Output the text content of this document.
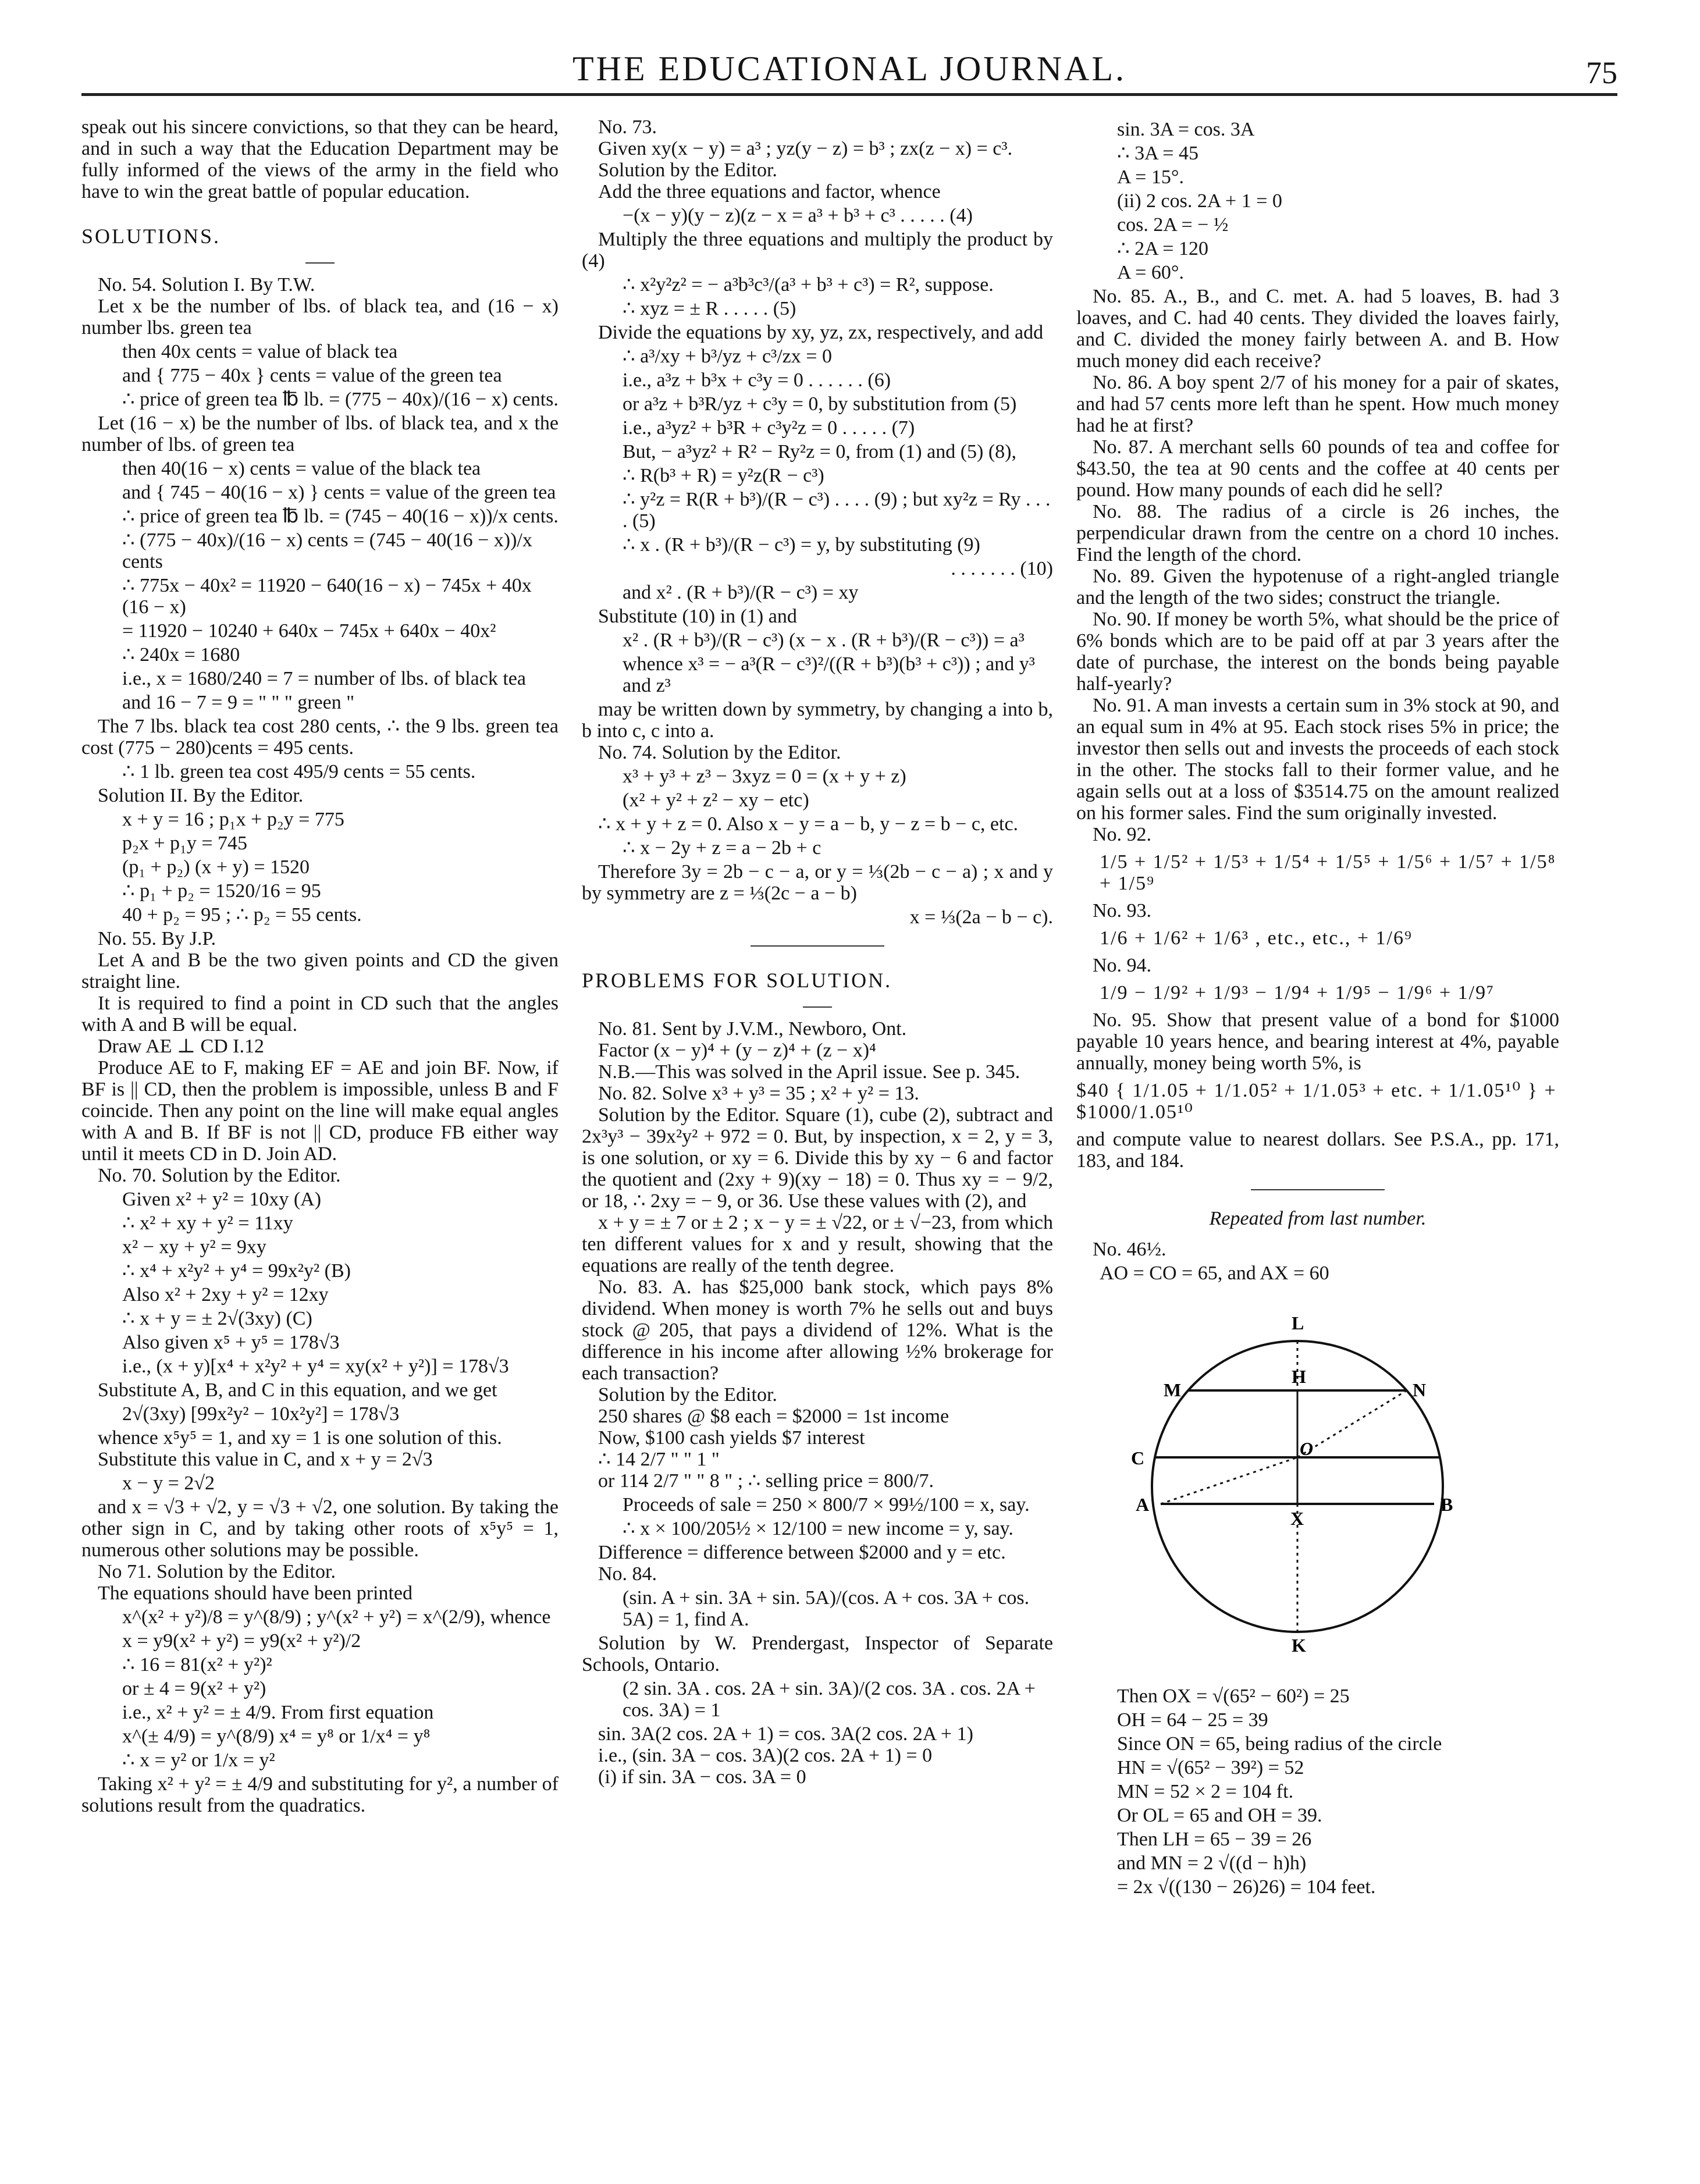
THE EDUCATIONAL JOURNAL.	75

speak out his sincere convictions, so that they can be heard, and in such a way that the Education Department may be fully informed of the views of the army in the field who have to win the great battle of popular education.

SOLUTIONS.

No. 54. Solution I. By T.W.

Let x be the number of lbs. of black tea, and (16 − x) number lbs. green tea

then 40x cents = value of black tea

and { 775 − 40x } cents = value of the green tea

∴ price of green tea ℔ lb. = (775 − 40x)/(16 − x) cents.

Let (16 − x) be the number of lbs. of black tea, and x the number of lbs. of green tea

then 40(16 − x) cents = value of the black tea

and { 745 − 40(16 − x) } cents = value of the green tea

∴ price of green tea ℔ lb. = (745 − 40(16 − x))/x cents.

∴ (775 − 40x)/(16 − x) cents = (745 − 40(16 − x))/x cents

∴ 775x − 40x² = 11920 − 640(16 − x) − 745x + 40x (16 − x)

= 11920 − 10240 + 640x − 745x + 640x − 40x²

∴ 240x = 1680

i.e., x = 1680/240 = 7 = number of lbs. of black tea

and 16 − 7 = 9 = " " " green "

The 7 lbs. black tea cost 280 cents, ∴ the 9 lbs. green tea cost (775 − 280)cents = 495 cents.

∴ 1 lb. green tea cost 495/9 cents = 55 cents.

Solution II. By the Editor.

x + y = 16 ; p₁x + p₂y = 775

p₂x + p₁y = 745

(p₁ + p₂) (x + y) = 1520

∴ p₁ + p₂ = 1520/16 = 95

40 + p₂ = 95 ; ∴ p₂ = 55 cents.

No. 55. By J.P.

Let A and B be the two given points and CD the given straight line.

It is required to find a point in CD such that the angles with A and B will be equal.

Draw AE ⊥ CD I.12

Produce AE to F, making EF = AE and join BF. Now, if BF is || CD, then the problem is impossible, unless B and F coincide. Then any point on the line will make equal angles with A and B. If BF is not || CD, produce FB either way until it meets CD in D. Join AD.

No. 70. Solution by the Editor.

Given x² + y² = 10xy (A)

∴ x² + xy + y² = 11xy

x² − xy + y² = 9xy

∴ x⁴ + x²y² + y⁴ = 99x²y² (B)

Also x² + 2xy + y² = 12xy

∴ x + y = ± 2√(3xy) (C)

Also given x⁵ + y⁵ = 178√3

i.e., (x + y)[x⁴ + x²y² + y⁴ = xy(x² + y²)] = 178√3

Substitute A, B, and C in this equation, and we get

2√(3xy) [99x²y² − 10x²y²] = 178√3

whence x⁵y⁵ = 1, and xy = 1 is one solution of this.

Substitute this value in C, and x + y = 2√3

x − y = 2√2

and x = √3 + √2, y = √3 + √2, one solution. By taking the other sign in C, and by taking other roots of x⁵y⁵ = 1, numerous other solutions may be possible.

No 71. Solution by the Editor.

The equations should have been printed

x^(x² + y²)/8 = y^(8/9) ; y^(x² + y²) = x^(2/9), whence

x = y9(x² + y²) = y9(x² + y²)/2

∴ 16 = 81(x² + y²)²

or ± 4 = 9(x² + y²)

i.e., x² + y² = ± 4/9. From first equation

x^(± 4/9) = y^(8/9) x⁴ = y⁸ or 1/x⁴ = y⁸

∴ x = y² or 1/x = y²

Taking x² + y² = ± 4/9 and substituting for y², a number of solutions result from the quadratics.

No. 73.

Given xy(x − y) = a³ ; yz(y − z) = b³ ; zx(z − x) = c³.

Solution by the Editor.

Add the three equations and factor, whence

−(x − y)(y − z)(z − x = a³ + b³ + c³ . . . . . (4)

Multiply the three equations and multiply the product by (4)

∴ x²y²z² = − a³b³c³/(a³ + b³ + c³) = R², suppose.

∴ xyz = ± R . . . . . (5)

Divide the equations by xy, yz, zx, respectively, and add

∴ a³/xy + b³/yz + c³/zx = 0

i.e., a³z + b³x + c³y = 0 . . . . . . (6)

or a³z + b³R/yz + c³y = 0, by substitution from (5)

i.e., a³yz² + b³R + c³y²z = 0 . . . . . (7)

But, − a³yz² + R² − Ry²z = 0, from (1) and (5) (8),

∴ R(b³ + R) = y²z(R − c³)

∴ y²z = R(R + b³)/(R − c³) . . . . (9) ; but xy²z = Ry . . . . (5)

∴ x . (R + b³)/(R − c³) = y, by substituting (9)

. . . . . . . (10)

and x² . (R + b³)/(R − c³) = xy

Substitute (10) in (1) and

x² . (R + b³)/(R − c³) (x − x . (R + b³)/(R − c³)) = a³

whence x³ = − a³(R − c³)²/((R + b³)(b³ + c³)) ; and y³ and z³

may be written down by symmetry, by changing a into b, b into c, c into a.

No. 74. Solution by the Editor.

x³ + y³ + z³ − 3xyz = 0 = (x + y + z)

(x² + y² + z² − xy − etc)

∴ x + y + z = 0. Also x − y = a − b, y − z = b − c, etc.

∴ x − 2y + z = a − 2b + c

Therefore 3y = 2b − c − a, or y = ⅓(2b − c − a) ; x and y by symmetry are z = ⅓(2c − a − b)

x = ⅓(2a − b − c).

PROBLEMS FOR SOLUTION.

No. 81. Sent by J.V.M., Newboro, Ont.

Factor (x − y)⁴ + (y − z)⁴ + (z − x)⁴

N.B.—This was solved in the April issue. See p. 345.

No. 82. Solve x³ + y³ = 35 ; x² + y² = 13.

Solution by the Editor. Square (1), cube (2), subtract and 2x³y³ − 39x²y² + 972 = 0. But, by inspection, x = 2, y = 3, is one solution, or xy = 6. Divide this by xy − 6 and factor the quotient and (2xy + 9)(xy − 18) = 0. Thus xy = − 9/2, or 18, ∴ 2xy = − 9, or 36. Use these values with (2), and

x + y = ± 7 or ± 2 ; x − y = ± √22, or ± √−23, from which ten different values for x and y result, showing that the equations are really of the tenth degree.

No. 83. A. has $25,000 bank stock, which pays 8% dividend. When money is worth 7% he sells out and buys stock @ 205, that pays a dividend of 12%. What is the difference in his income after allowing ½% brokerage for each transaction?

Solution by the Editor.

250 shares @ $8 each = $2000 = 1st income

Now, $100 cash yields $7 interest

∴ 14 2/7 " " 1 "

or 114 2/7 " " 8 " ; ∴ selling price = 800/7.

Proceeds of sale = 250 × 800/7 × 99½/100 = x, say.

∴ x × 100/205½ × 12/100 = new income = y, say.

Difference = difference between $2000 and y = etc.

No. 84.

(sin. A + sin. 3A + sin. 5A)/(cos. A + cos. 3A + cos. 5A) = 1, find A.

Solution by W. Prendergast, Inspector of Separate Schools, Ontario.

(2 sin. 3A . cos. 2A + sin. 3A)/(2 cos. 3A . cos. 2A + cos. 3A) = 1

sin. 3A(2 cos. 2A + 1) = cos. 3A(2 cos. 2A + 1)

i.e., (sin. 3A − cos. 3A)(2 cos. 2A + 1) = 0

(i) if sin. 3A − cos. 3A = 0

sin. 3A = cos. 3A

∴ 3A = 45

A = 15°.

(ii) 2 cos. 2A + 1 = 0

cos. 2A = − ½

∴ 2A = 120

A = 60°.

No. 85. A., B., and C. met. A. had 5 loaves, B. had 3 loaves, and C. had 40 cents. They divided the loaves fairly, and C. divided the money fairly between A. and B. How much money did each receive?

No. 86. A boy spent 2/7 of his money for a pair of skates, and had 57 cents more left than he spent. How much money had he at first?

No. 87. A merchant sells 60 pounds of tea and coffee for $43.50, the tea at 90 cents and the coffee at 40 cents per pound. How many pounds of each did he sell?

No. 88. The radius of a circle is 26 inches, the perpendicular drawn from the centre on a chord 10 inches. Find the length of the chord.

No. 89. Given the hypotenuse of a right-angled triangle and the length of the two sides; construct the triangle.

No. 90. If money be worth 5%, what should be the price of 6% bonds which are to be paid off at par 3 years after the date of purchase, the interest on the bonds being payable half-yearly?

No. 91. A man invests a certain sum in 3% stock at 90, and an equal sum in 4% at 95. Each stock rises 5% in price; the investor then sells out and invests the proceeds of each stock in the other. The stocks fall to their former value, and he again sells out at a loss of $3514.75 on the amount realized on his former sales. Find the sum originally invested.

No. 92.

1/5 + 1/5² + 1/5³ + 1/5⁴ + 1/5⁵ + 1/5⁶ + 1/5⁷ + 1/5⁸ + 1/5⁹

No. 93.

1/6 + 1/6² + 1/6³ , etc., etc., + 1/6⁹

No. 94.

1/9 − 1/9² + 1/9³ − 1/9⁴ + 1/9⁵ − 1/9⁶ + 1/9⁷

No. 95. Show that present value of a bond for $1000 payable 10 years hence, and bearing interest at 4%, payable annually, money being worth 5%, is

$40 { 1/1.05 + 1/1.05² + 1/1.05³ + etc. + 1/1.05¹⁰ } + $1000/1.05¹⁰

and compute value to nearest dollars. See P.S.A., pp. 171, 183, and 184.

Repeated from last number.

No. 46½.

AO = CO = 65, and AX = 60

L
H
M	N
C	O
A
X
B
K

Then OX = √(65² − 60²) = 25

OH = 64 − 25 = 39

Since ON = 65, being radius of the circle

HN = √(65² − 39²) = 52

MN = 52 × 2 = 104 ft.

Or OL = 65 and OH = 39.

Then LH = 65 − 39 = 26

and MN = 2 √((d − h)h)

= 2x √((130 − 26)26) = 104 feet.
